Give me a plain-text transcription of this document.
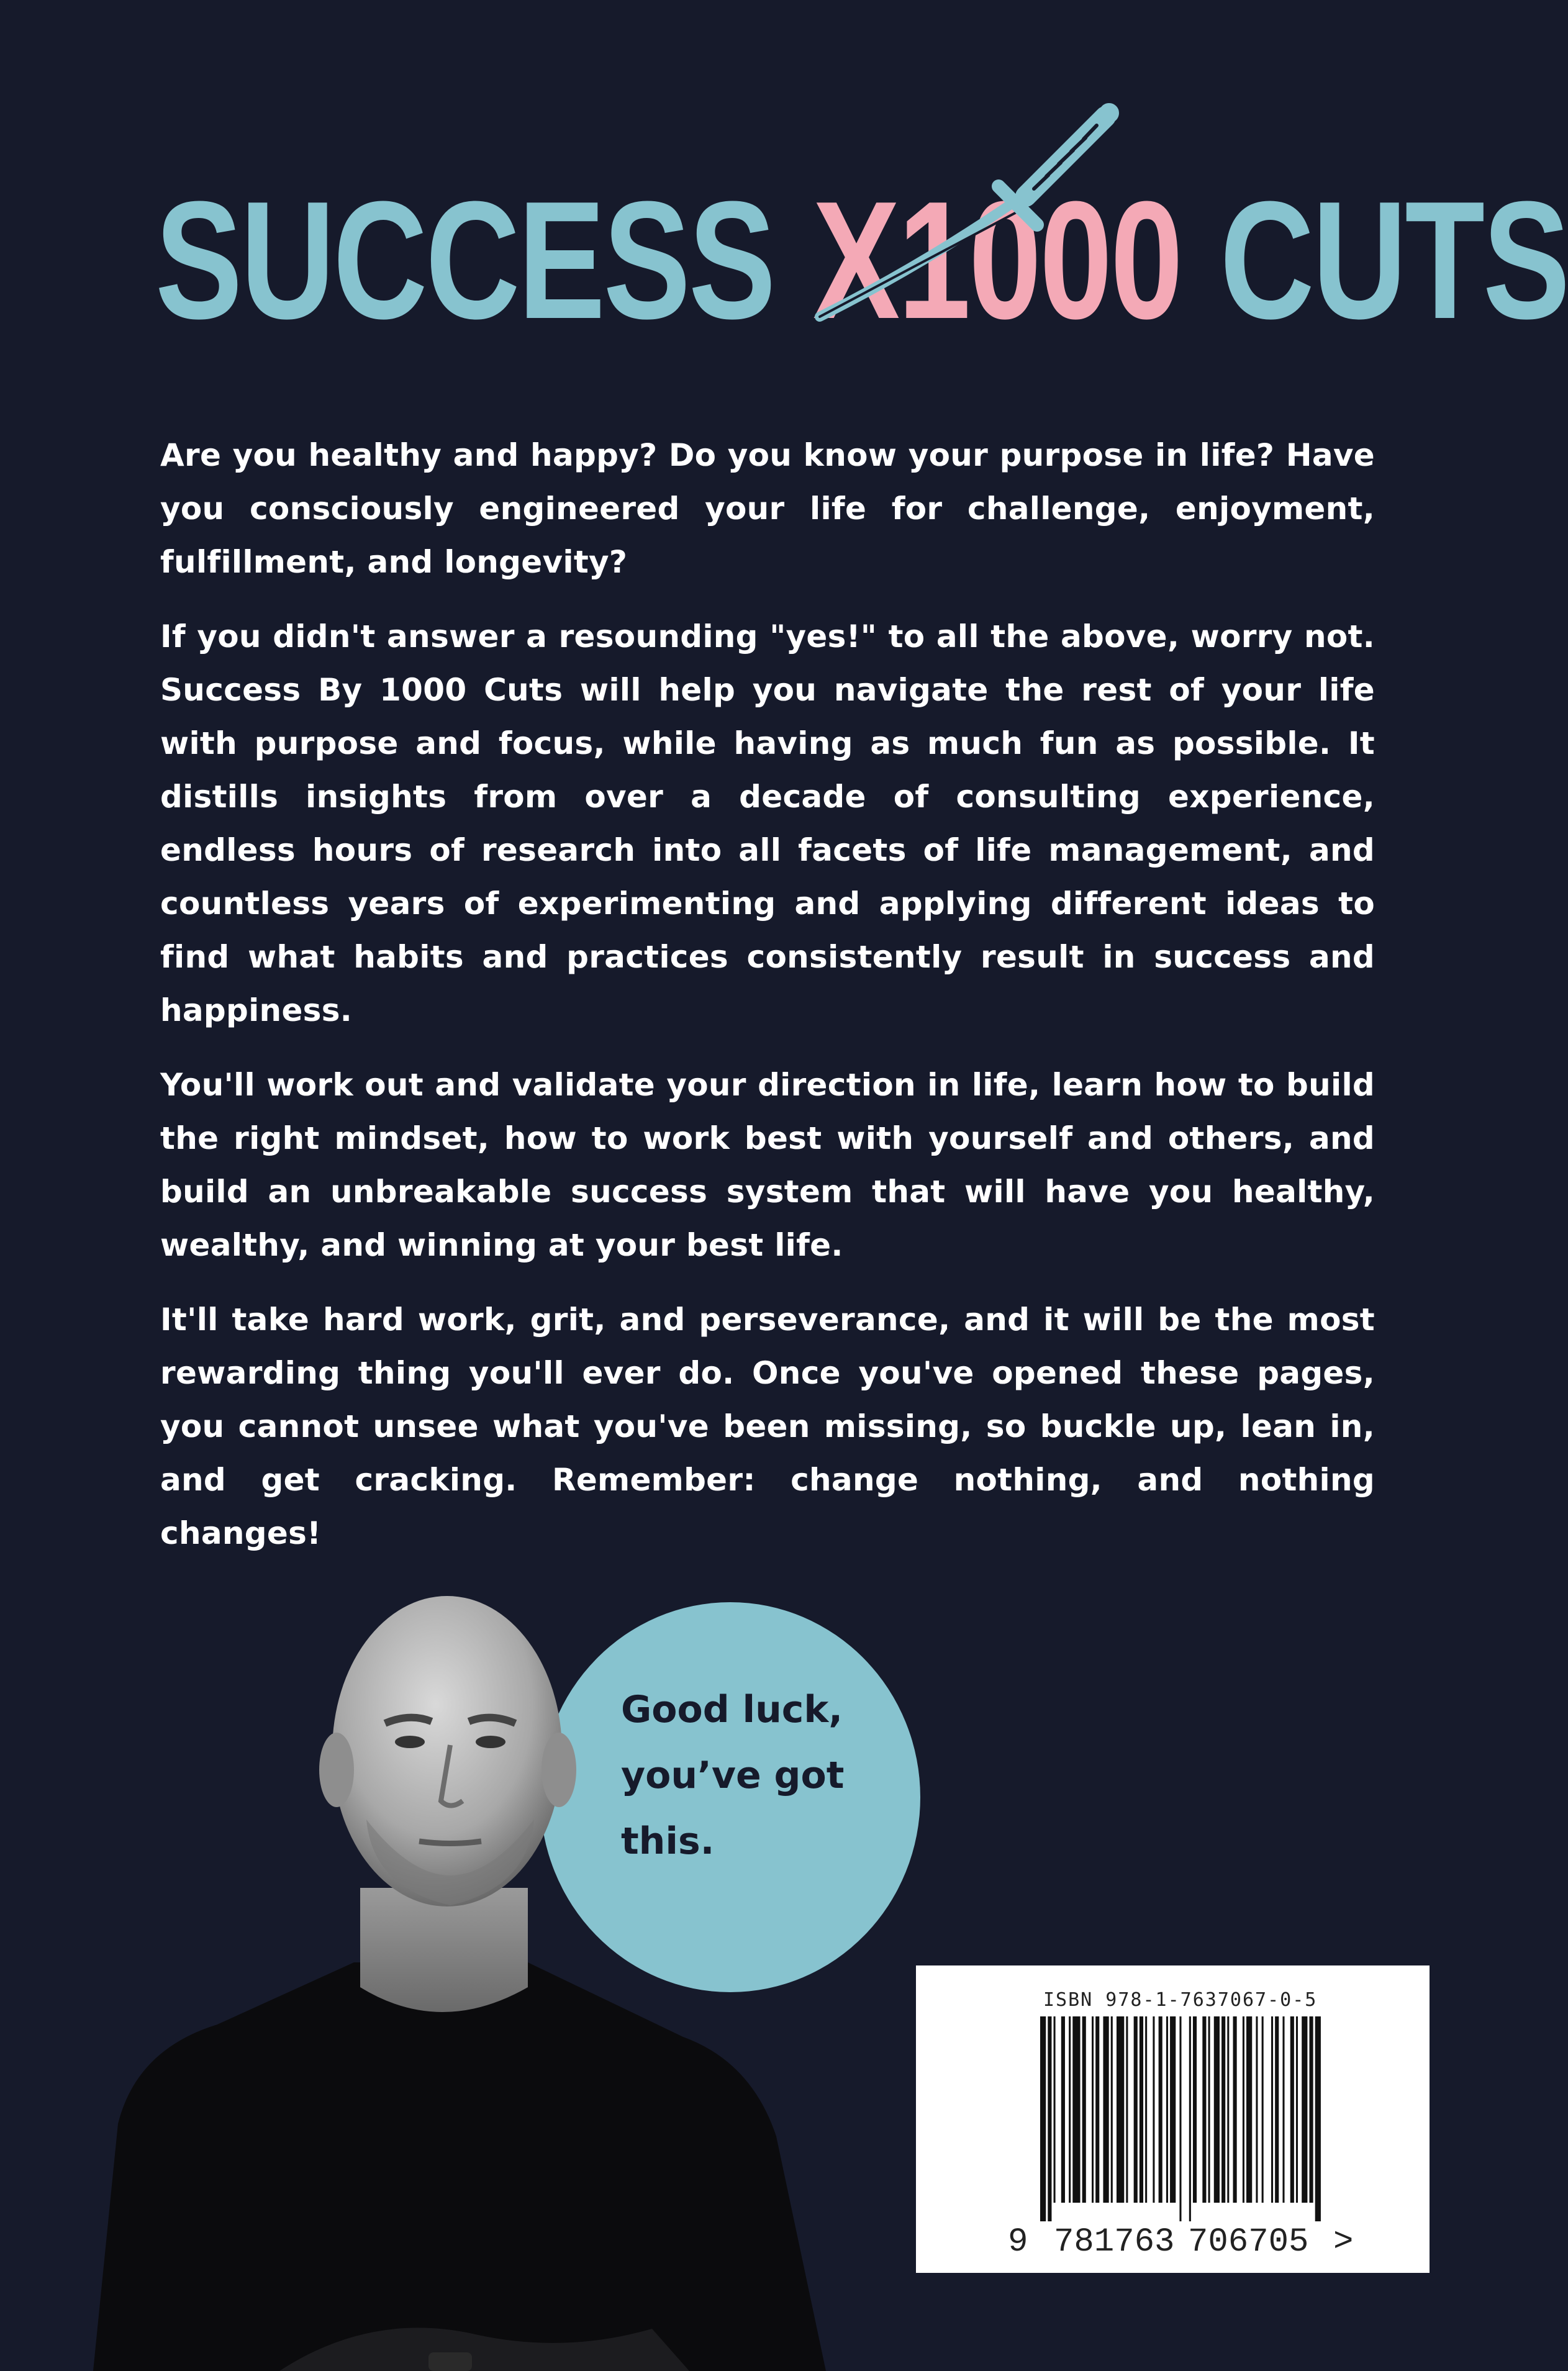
SUCCESS X1000 CUTS

Are you healthy and happy? Do you know your purpose in life? Have you consciously engineered your life for challenge, enjoyment, fulfillment, and longevity?

If you didn't answer a resounding "yes!" to all the above, worry not. Success By 1000 Cuts will help you navigate the rest of your life with purpose and focus, while having as much fun as possible. It distills insights from over a decade of consulting experience, endless hours of research into all facets of life management, and countless years of experimenting and applying different ideas to find what habits and practices consistently result in success and happiness.

You'll work out and validate your direction in life, learn how to build the right mindset, how to work best with yourself and others, and build an unbreakable success system that will have you healthy, wealthy, and winning at your best life.

It'll take hard work, grit, and perseverance, and it will be the most rewarding thing you'll ever do. Once you've opened these pages, you cannot unsee what you've been missing, so buckle up, lean in, and get cracking. Remember: change nothing, and nothing changes!

Good luck,
you’ve got
this.
ISBN 978-1-7637067-0-5
9 781763 706705 >
